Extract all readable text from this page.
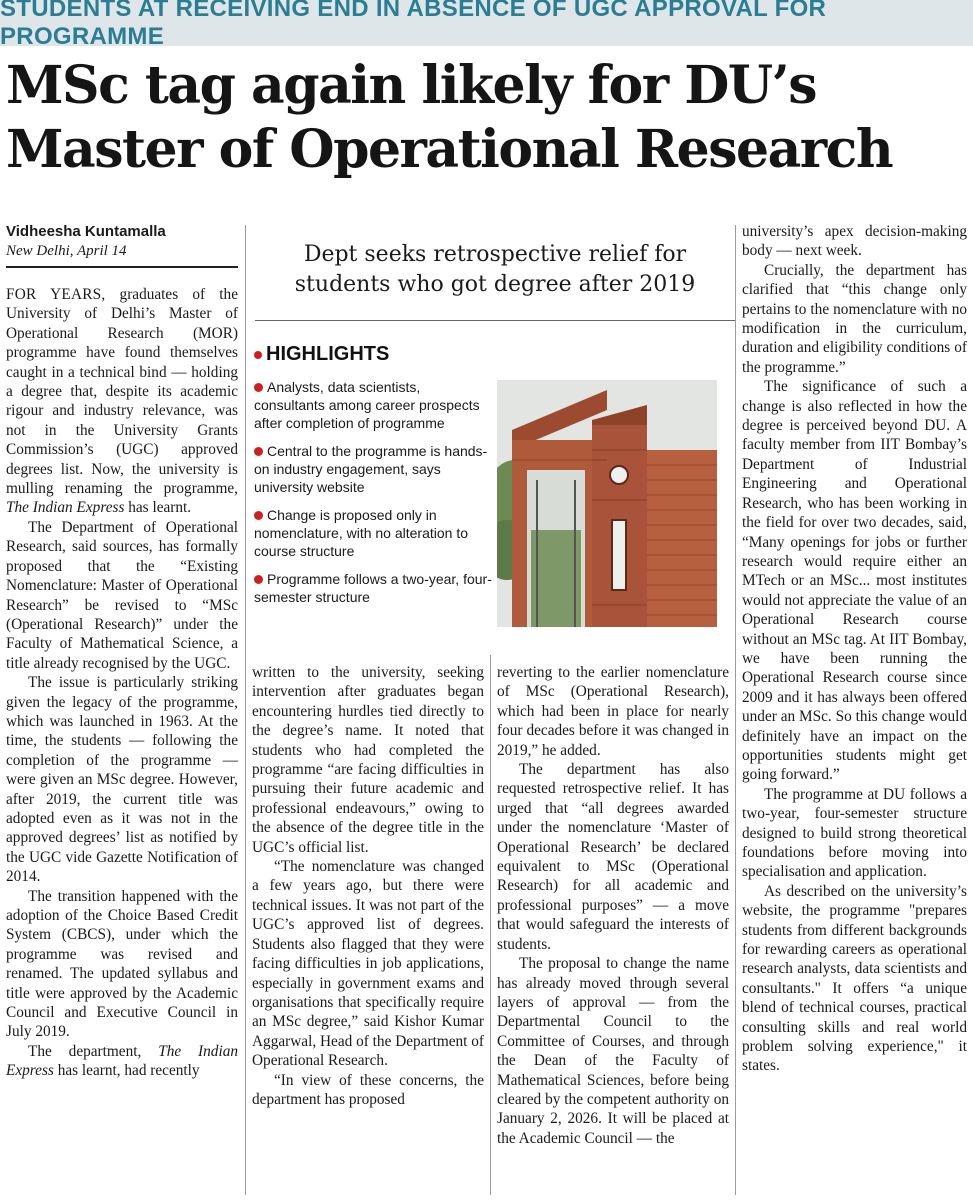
STUDENTS AT RECEIVING END IN ABSENCE OF UGC APPROVAL FOR PROGRAMME
MSc tag again likely for DU’s
Master of Operational Research
Vidheesha Kuntamalla
New Delhi, April 14

FOR YEARS, graduates of the University of Delhi’s Master of Operational Research (MOR) programme have found themselves caught in a technical bind — holding a degree that, despite its academic rigour and industry relevance, was not in the University Grants Commission’s (UGC) approved degrees list. Now, the university is mulling renaming the programme, The Indian Express has learnt.

The Department of Operational Research, said sources, has formally proposed that the “Existing Nomenclature: Master of Operational Research” be revised to “MSc (Operational Research)” under the Faculty of Mathematical Science, a title already recognised by the UGC.

The issue is particularly striking given the legacy of the programme, which was launched in 1963. At the time, the students — following the completion of the programme — were given an MSc degree. However, after 2019, the current title was adopted even as it was not in the approved degrees’ list as notified by the UGC vide Gazette Notification of 2014.

The transition happened with the adoption of the Choice Based Credit System (CBCS), under which the programme was revised and renamed. The updated syllabus and title were approved by the Academic Council and Executive Council in July 2019.

The department, The Indian Express has learnt, had recently

Dept seeks retrospective relief for
students who got degree after 2019
HIGHLIGHTS
Analysts, data scientists, consultants among career prospects after completion of programme
Central to the programme is hands-on industry engagement, says university website
Change is proposed only in nomenclature, with no alteration to course structure
Programme follows a two-year, four-semester structure

written to the university, seeking intervention after graduates began encountering hurdles tied directly to the degree’s name. It noted that students who had completed the programme “are facing difficulties in pursuing their future academic and professional endeavours,” owing to the absence of the degree title in the UGC’s official list.

“The nomenclature was changed a few years ago, but there were technical issues. It was not part of the UGC’s approved list of degrees. Students also flagged that they were facing difficulties in job applications, especially in government exams and organisations that specifically require an MSc degree,” said Kishor Kumar Aggarwal, Head of the Department of Operational Research.

“In view of these concerns, the department has proposed

reverting to the earlier nomenclature of MSc (Operational Research), which had been in place for nearly four decades before it was changed in 2019,” he added.

The department has also requested retrospective relief. It has urged that “all degrees awarded under the nomenclature ‘Master of Operational Research’ be declared equivalent to MSc (Operational Research) for all academic and professional purposes” — a move that would safeguard the interests of students.

The proposal to change the name has already moved through several layers of approval — from the Departmental Council to the Committee of Courses, and through the Dean of the Faculty of Mathematical Sciences, before being cleared by the competent authority on January 2, 2026. It will be placed at the Academic Council — the

university’s apex decision-making body — next week.

Crucially, the department has clarified that “this change only pertains to the nomenclature with no modification in the curriculum, duration and eligibility conditions of the programme.”

The significance of such a change is also reflected in how the degree is perceived beyond DU. A faculty member from IIT Bombay’s Department of Industrial Engineering and Operational Research, who has been working in the field for over two decades, said, “Many openings for jobs or further research would require either an MTech or an MSc... most institutes would not appreciate the value of an Operational Research course without an MSc tag. At IIT Bombay, we have been running the Operational Research course since 2009 and it has always been offered under an MSc. So this change would definitely have an impact on the opportunities students might get going forward.”

The programme at DU follows a two-year, four-semester structure designed to build strong theoretical foundations before moving into specialisation and application.

As described on the university’s website, the programme "prepares students from different backgrounds for rewarding careers as operational research analysts, data scientists and consultants." It offers “a unique blend of technical courses, practical consulting skills and real world problem solving experience," it states.
